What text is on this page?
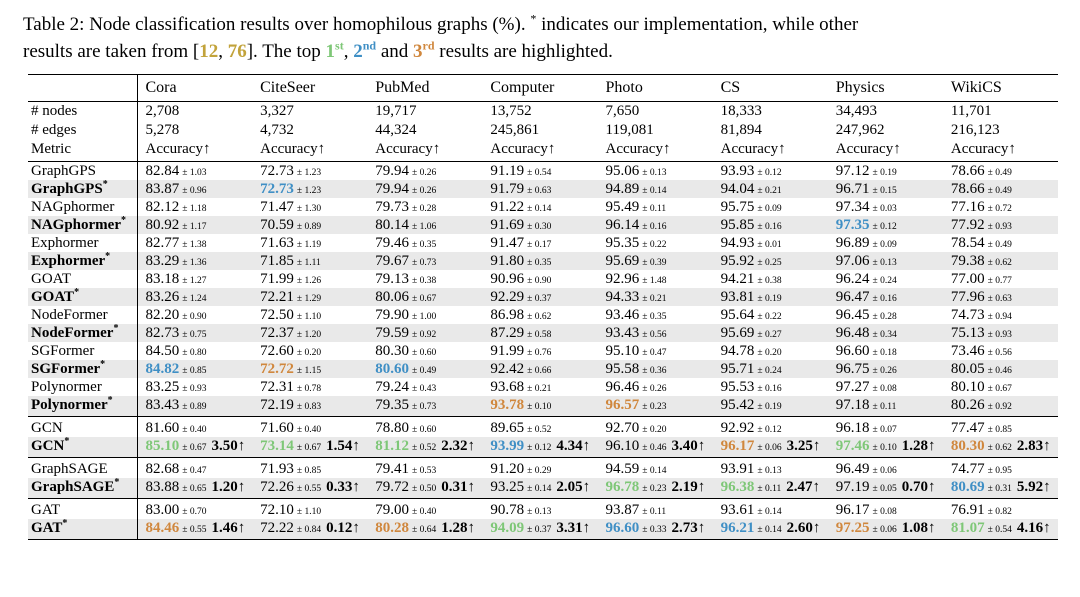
Table 2: Node classification results over homophilous graphs (%). * indicates our implementation, while other
results are taken from [12, 76]. The top 1st, 2nd and 3rd results are highlighted.
	Cora	CiteSeer	PubMed	Computer	Photo	CS	Physics	WikiCS
# nodes	2,708	3,327	19,717	13,752	7,650	18,333	34,493	11,701
# edges	5,278	4,732	44,324	245,861	119,081	81,894	247,962	216,123
Metric	Accuracy↑	Accuracy↑	Accuracy↑	Accuracy↑	Accuracy↑	Accuracy↑	Accuracy↑	Accuracy↑
GraphGPS	82.84 ± 1.03	72.73 ± 1.23	79.94 ± 0.26	91.19 ± 0.54	95.06 ± 0.13	93.93 ± 0.12	97.12 ± 0.19	78.66 ± 0.49
GraphGPS*	83.87 ± 0.96	72.73 ± 1.23	79.94 ± 0.26	91.79 ± 0.63	94.89 ± 0.14	94.04 ± 0.21	96.71 ± 0.15	78.66 ± 0.49
NAGphormer	82.12 ± 1.18	71.47 ± 1.30	79.73 ± 0.28	91.22 ± 0.14	95.49 ± 0.11	95.75 ± 0.09	97.34 ± 0.03	77.16 ± 0.72
NAGphormer*	80.92 ± 1.17	70.59 ± 0.89	80.14 ± 1.06	91.69 ± 0.30	96.14 ± 0.16	95.85 ± 0.16	97.35 ± 0.12	77.92 ± 0.93
Exphormer	82.77 ± 1.38	71.63 ± 1.19	79.46 ± 0.35	91.47 ± 0.17	95.35 ± 0.22	94.93 ± 0.01	96.89 ± 0.09	78.54 ± 0.49
Exphormer*	83.29 ± 1.36	71.85 ± 1.11	79.67 ± 0.73	91.80 ± 0.35	95.69 ± 0.39	95.92 ± 0.25	97.06 ± 0.13	79.38 ± 0.62
GOAT	83.18 ± 1.27	71.99 ± 1.26	79.13 ± 0.38	90.96 ± 0.90	92.96 ± 1.48	94.21 ± 0.38	96.24 ± 0.24	77.00 ± 0.77
GOAT*	83.26 ± 1.24	72.21 ± 1.29	80.06 ± 0.67	92.29 ± 0.37	94.33 ± 0.21	93.81 ± 0.19	96.47 ± 0.16	77.96 ± 0.63
NodeFormer	82.20 ± 0.90	72.50 ± 1.10	79.90 ± 1.00	86.98 ± 0.62	93.46 ± 0.35	95.64 ± 0.22	96.45 ± 0.28	74.73 ± 0.94
NodeFormer*	82.73 ± 0.75	72.37 ± 1.20	79.59 ± 0.92	87.29 ± 0.58	93.43 ± 0.56	95.69 ± 0.27	96.48 ± 0.34	75.13 ± 0.93
SGFormer	84.50 ± 0.80	72.60 ± 0.20	80.30 ± 0.60	91.99 ± 0.76	95.10 ± 0.47	94.78 ± 0.20	96.60 ± 0.18	73.46 ± 0.56
SGFormer*	84.82 ± 0.85	72.72 ± 1.15	80.60 ± 0.49	92.42 ± 0.66	95.58 ± 0.36	95.71 ± 0.24	96.75 ± 0.26	80.05 ± 0.46
Polynormer	83.25 ± 0.93	72.31 ± 0.78	79.24 ± 0.43	93.68 ± 0.21	96.46 ± 0.26	95.53 ± 0.16	97.27 ± 0.08	80.10 ± 0.67
Polynormer*	83.43 ± 0.89	72.19 ± 0.83	79.35 ± 0.73	93.78 ± 0.10	96.57 ± 0.23	95.42 ± 0.19	97.18 ± 0.11	80.26 ± 0.92
GCN	81.60 ± 0.40	71.60 ± 0.40	78.80 ± 0.60	89.65 ± 0.52	92.70 ± 0.20	92.92 ± 0.12	96.18 ± 0.07	77.47 ± 0.85
GCN*	85.10 ± 0.67 3.50↑	73.14 ± 0.67 1.54↑	81.12 ± 0.52 2.32↑	93.99 ± 0.12 4.34↑	96.10 ± 0.46 3.40↑	96.17 ± 0.06 3.25↑	97.46 ± 0.10 1.28↑	80.30 ± 0.62 2.83↑
GraphSAGE	82.68 ± 0.47	71.93 ± 0.85	79.41 ± 0.53	91.20 ± 0.29	94.59 ± 0.14	93.91 ± 0.13	96.49 ± 0.06	74.77 ± 0.95
GraphSAGE*	83.88 ± 0.65 1.20↑	72.26 ± 0.55 0.33↑	79.72 ± 0.50 0.31↑	93.25 ± 0.14 2.05↑	96.78 ± 0.23 2.19↑	96.38 ± 0.11 2.47↑	97.19 ± 0.05 0.70↑	80.69 ± 0.31 5.92↑
GAT	83.00 ± 0.70	72.10 ± 1.10	79.00 ± 0.40	90.78 ± 0.13	93.87 ± 0.11	93.61 ± 0.14	96.17 ± 0.08	76.91 ± 0.82
GAT*	84.46 ± 0.55 1.46↑	72.22 ± 0.84 0.12↑	80.28 ± 0.64 1.28↑	94.09 ± 0.37 3.31↑	96.60 ± 0.33 2.73↑	96.21 ± 0.14 2.60↑	97.25 ± 0.06 1.08↑	81.07 ± 0.54 4.16↑
